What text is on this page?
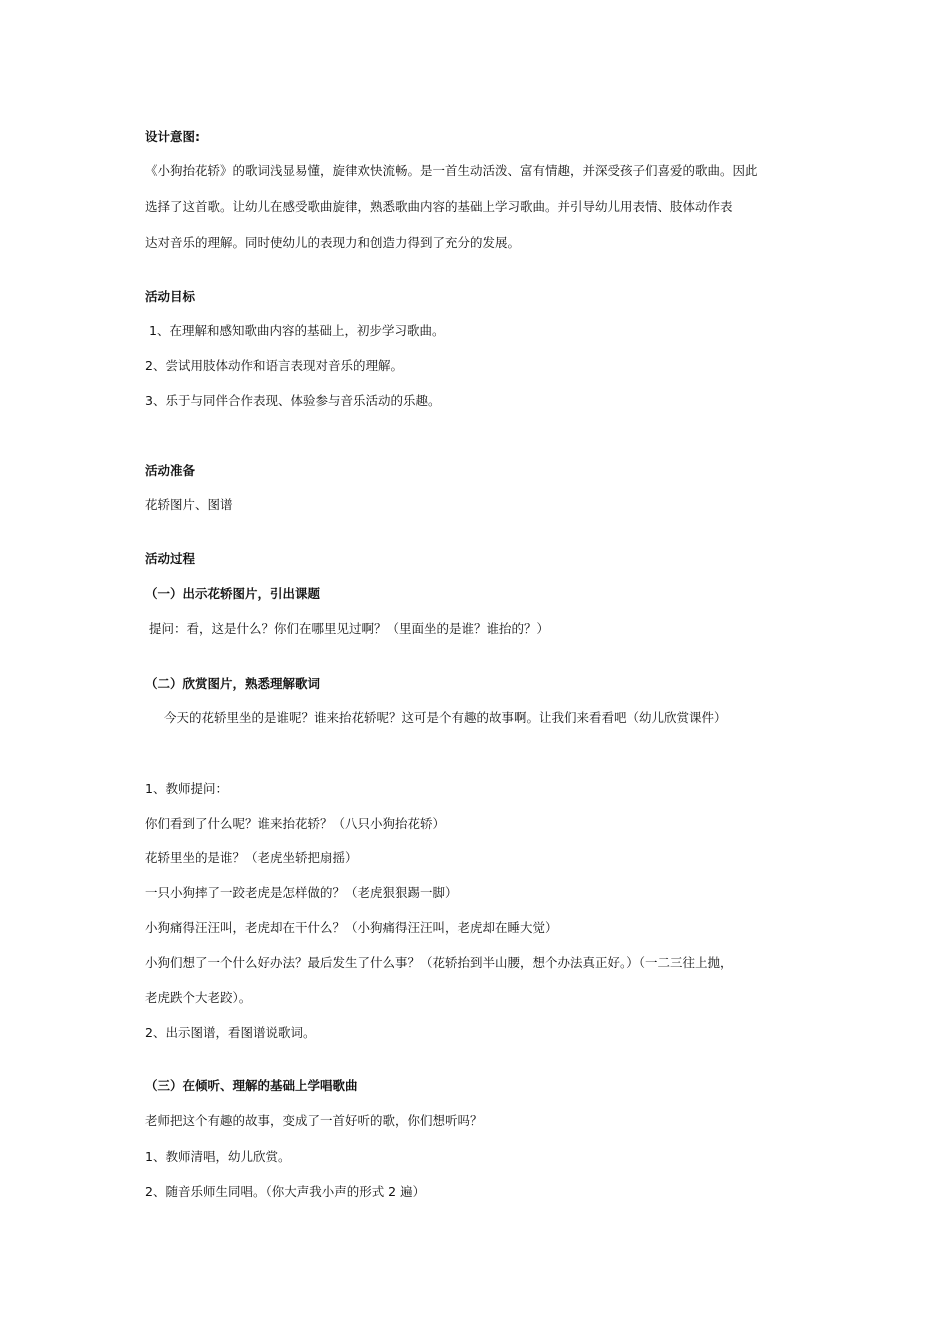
设计意图:
《小狗抬花轿》的歌词浅显易懂，旋律欢快流畅。是一首生动活泼、富有情趣，并深受孩子们喜爱的歌曲。因此
选择了这首歌。让幼儿在感受歌曲旋律，熟悉歌曲内容的基础上学习歌曲。并引导幼儿用表情、肢体动作表
达对音乐的理解。同时使幼儿的表现力和创造力得到了充分的发展。
活动目标
1、在理解和感知歌曲内容的基础上，初步学习歌曲。
2、尝试用肢体动作和语言表现对音乐的理解。
3、乐于与同伴合作表现、体验参与音乐活动的乐趣。
活动准备
花轿图片、图谱
活动过程
（一）出示花轿图片，引出课题
提问：看，这是什么？你们在哪里见过啊？（里面坐的是谁？谁抬的？）
（二）欣赏图片，熟悉理解歌词
今天的花轿里坐的是谁呢？谁来抬花轿呢？这可是个有趣的故事啊。让我们来看看吧（幼儿欣赏课件）
1、教师提问：
你们看到了什么呢？谁来抬花轿？（八只小狗抬花轿）
花轿里坐的是谁？（老虎坐轿把扇摇）
一只小狗摔了一跤老虎是怎样做的？（老虎狠狠踢一脚）
小狗痛得汪汪叫，老虎却在干什么？（小狗痛得汪汪叫，老虎却在睡大觉）
小狗们想了一个什么好办法？最后发生了什么事？（花轿抬到半山腰，想个办法真正好。）（一二三往上抛，
老虎跌个大老跤）。
2、出示图谱，看图谱说歌词。
（三）在倾听、理解的基础上学唱歌曲
老师把这个有趣的故事，变成了一首好听的歌，你们想听吗？
1、教师清唱，幼儿欣赏。
2、随音乐师生同唱。（你大声我小声的形式 2 遍）
